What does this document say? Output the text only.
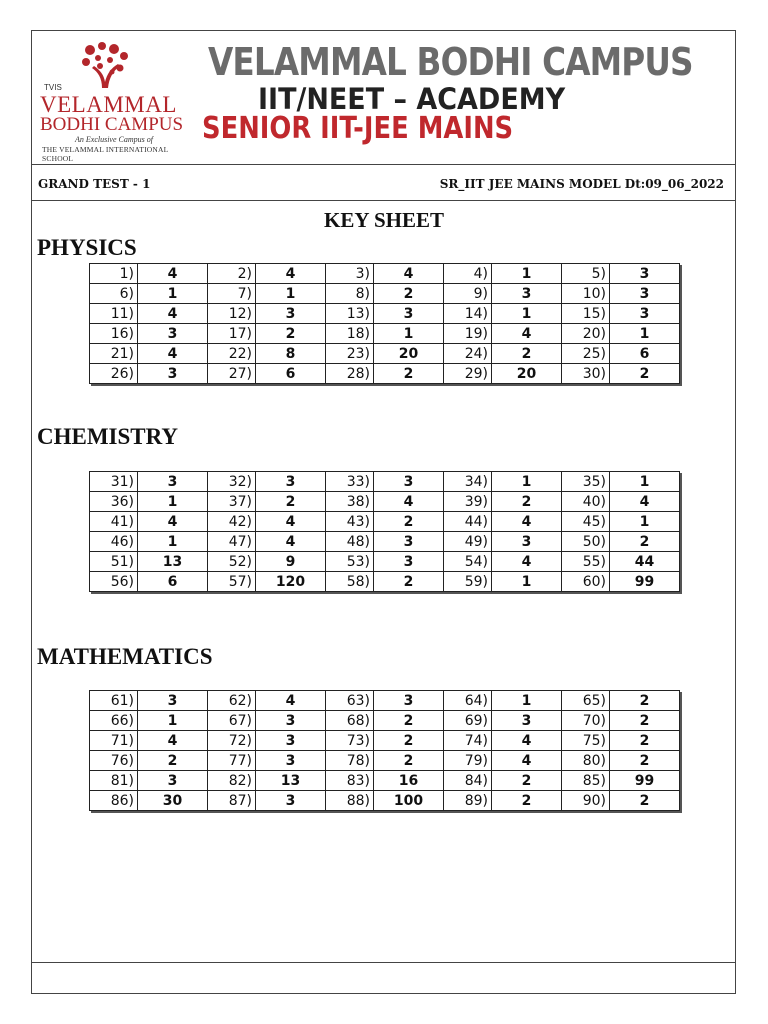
TVIS
VELAMMAL
BODHI CAMPUS
An Exclusive Campus of
THE VELAMMAL INTERNATIONAL SCHOOL
VELAMMAL BODHI CAMPUS
IIT/NEET – ACADEMY
SENIOR IIT-JEE MAINS
GRAND TEST - 1	SR_IIT JEE MAINS MODEL Dt:09_06_2022
KEY SHEET
PHYSICS
1)	4	2)	4	3)	4	4)	1	5)	3
6)	1	7)	1	8)	2	9)	3	10)	3
11)	4	12)	3	13)	3	14)	1	15)	3
16)	3	17)	2	18)	1	19)	4	20)	1
21)	4	22)	8	23)	20	24)	2	25)	6
26)	3	27)	6	28)	2	29)	20	30)	2
CHEMISTRY
31)	3	32)	3	33)	3	34)	1	35)	1
36)	1	37)	2	38)	4	39)	2	40)	4
41)	4	42)	4	43)	2	44)	4	45)	1
46)	1	47)	4	48)	3	49)	3	50)	2
51)	13	52)	9	53)	3	54)	4	55)	44
56)	6	57)	120	58)	2	59)	1	60)	99
MATHEMATICS
61)	3	62)	4	63)	3	64)	1	65)	2
66)	1	67)	3	68)	2	69)	3	70)	2
71)	4	72)	3	73)	2	74)	4	75)	2
76)	2	77)	3	78)	2	79)	4	80)	2
81)	3	82)	13	83)	16	84)	2	85)	99
86)	30	87)	3	88)	100	89)	2	90)	2
